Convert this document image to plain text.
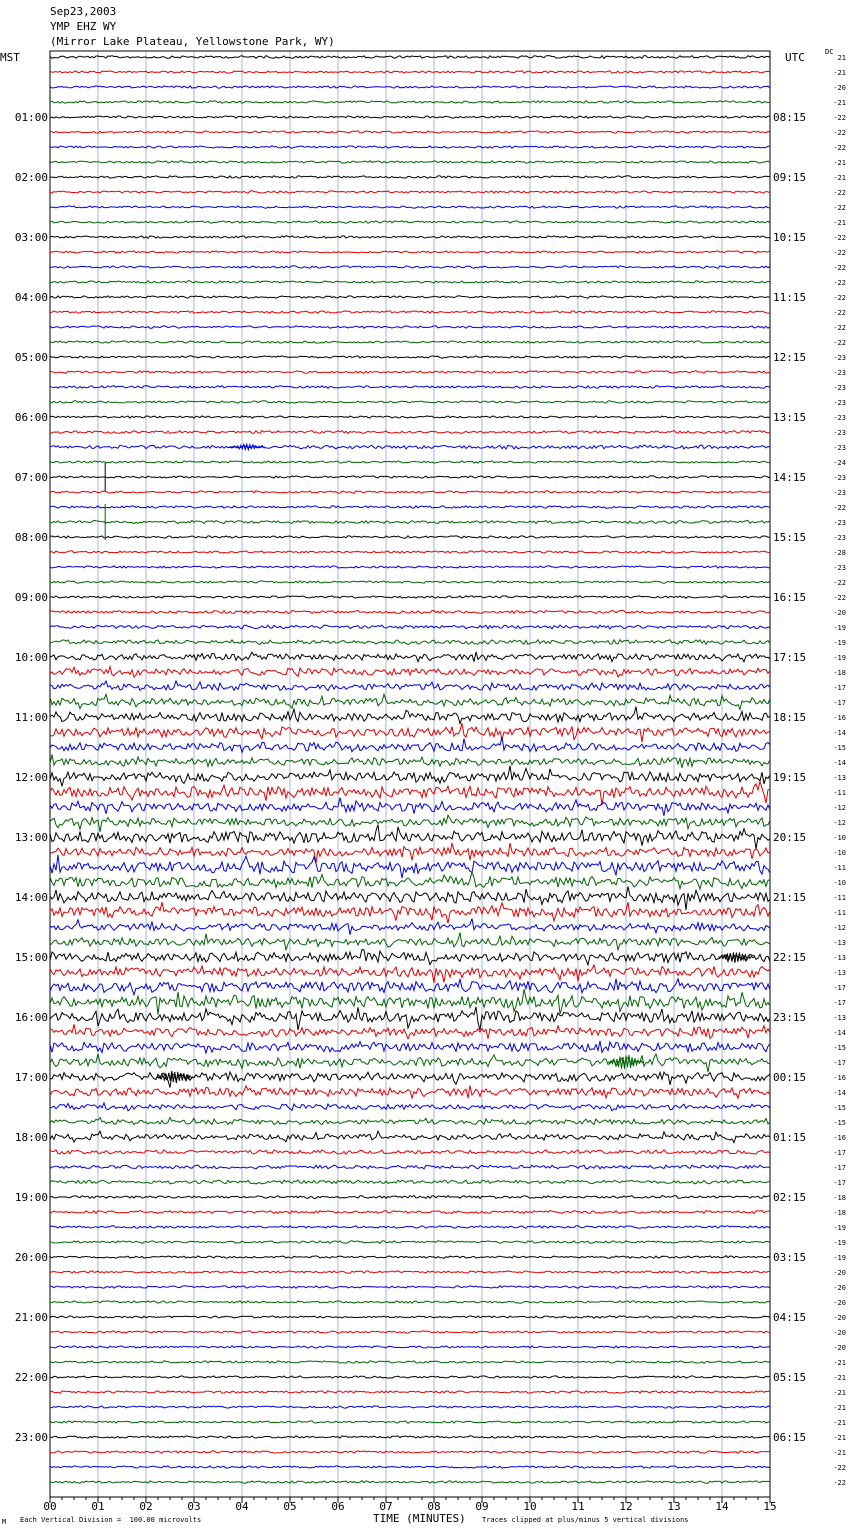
Sep23,2003
YMP EHZ WY
(Mirror Lake Plateau, Yellowstone Park, WY)
MST	UTC	DC
01:00
02:00
03:00
04:00
05:00
06:00
07:00
08:00
09:00
10:00
11:00
12:00
13:00
14:00
15:00
16:00
17:00
18:00
19:00
20:00
21:00
22:00
23:00
08:15
09:15
10:15
11:15
12:15
13:15
14:15
15:15
16:15
17:15
18:15
19:15
20:15
21:15
22:15
23:15
00:15
01:15
02:15
03:15
04:15
05:15
06:15
21
-21
-20
-21
-22
-22
-22
-21
-21
-22
-22
-21
-22
-22
-22
-22
-22
-22
-22
-22
-23
-23
-23
-23
-23
-23
-23
-24
-23
-23
-22
-23
-23
-28
-23
-22
-22
-20
-19
-19
-19
-18
-17
-17
-16
-14
-15
-14
-13
-11
-12
-12
-10
-10
-11
-10
-11
-11
-12
-13
-13
-13
-17
-17
-13
-14
-15
-17
-16
-14
-15
-15
-16
-17
-17
-17
-18
-18
-19
-19
-19
-20
-20
-20
-20
-20
-20
-21
-21
-21
-21
-21
-21
-21
-22
-22
00	01	02	03	04	05	06	07	08	09	10	11	12	13	14	15
M Each Vertical Division =  100.00 microvolts	TIME (MINUTES) Traces clipped at plus/minus 5 vertical divisions
